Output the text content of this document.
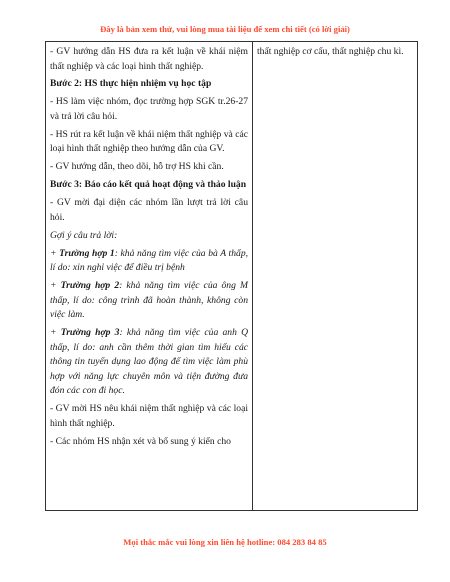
Đây là bản xem thử, vui lòng mua tài liệu để xem chi tiết (có lời giải)

- GV hướng dẫn HS đưa ra kết luận về khái niệm thất nghiệp và các loại hình thất nghiệp.

Bước 2: HS thực hiện nhiệm vụ học tập

- HS làm việc nhóm, đọc trường hợp SGK tr.26-27 và trả lời câu hỏi.

- HS rút ra kết luận về khái niệm thất nghiệp và các loại hình thất nghiệp theo hướng dẫn của GV.

- GV hướng dẫn, theo dõi, hỗ trợ HS khi cần.

Bước 3: Báo cáo kết quả hoạt động và thảo luận

- GV mời đại diện các nhóm lần lượt trả lời câu hỏi.

Gợi ý câu trả lời:

+ Trường hợp 1: khả năng tìm việc của bà A thấp, lí do: xin nghỉ việc để điều trị bệnh

+ Trường hợp 2: khả năng tìm việc của ông M thấp, lí do: công trình đã hoàn thành, không còn việc làm.

+ Trường hợp 3: khả năng tìm việc của anh Q thấp, lí do: anh cần thêm thời gian tìm hiểu các thông tin tuyển dụng lao động để tìm việc làm phù hợp với năng lực chuyên môn và tiện đường đưa đón các con đi học.

- GV mời HS nêu khái niệm thất nghiệp và các loại hình thất nghiệp.

- Các nhóm HS nhận xét và bổ sung ý kiến cho

thất nghiệp cơ cấu, thất nghiệp chu kì.

Mọi thắc mắc vui lòng xin liên hệ hotline: 084 283 84 85
